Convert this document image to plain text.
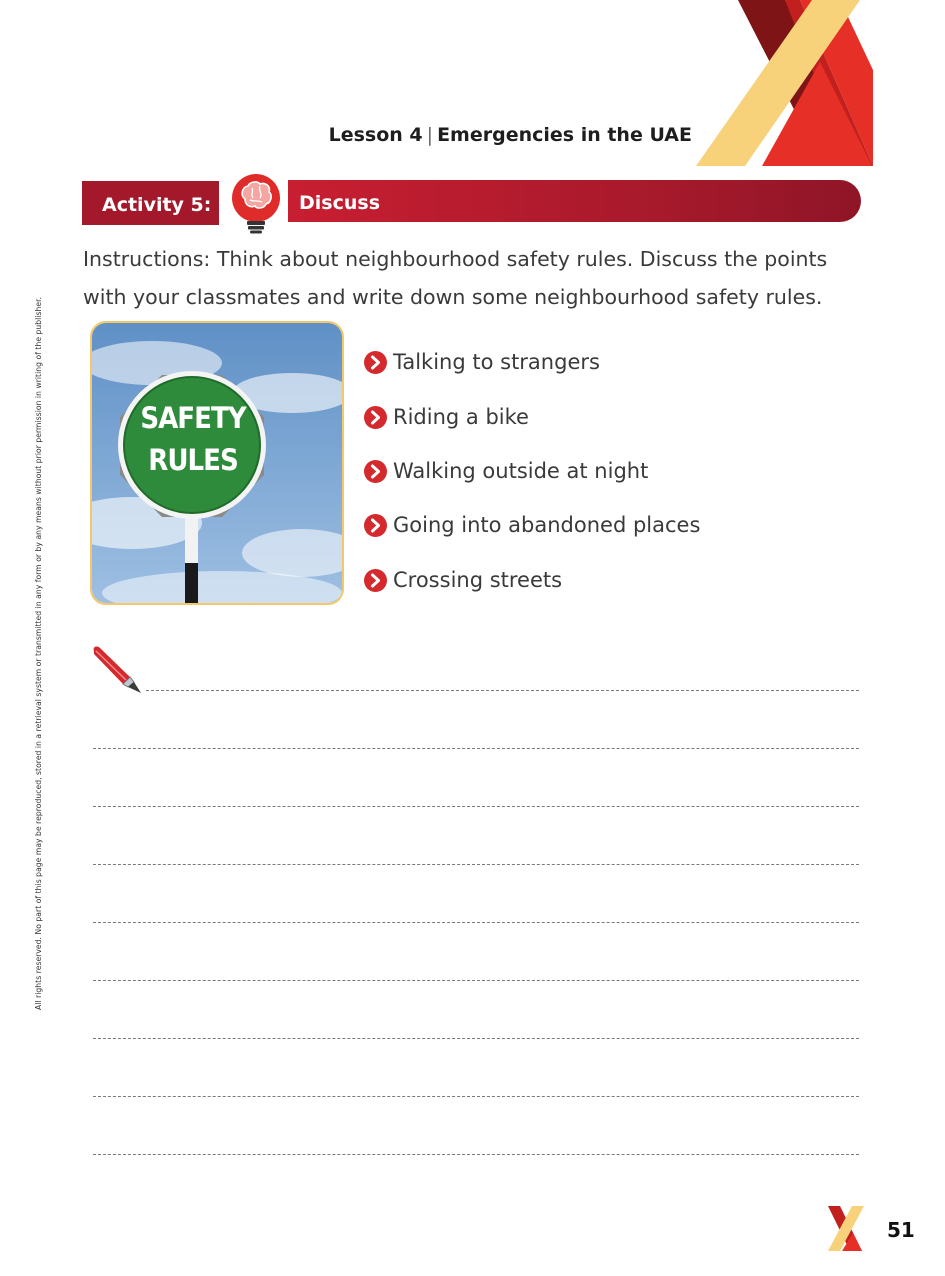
Lesson 4 | Emergencies in the UAE
Activity 5:	Discuss
Instructions: Think about neighbourhood safety rules. Discuss the points with your classmates and write down some neighbourhood safety rules.
All rights reserved. No part of this page may be reproduced, stored in a retrieval system or transmitted in any form or by any means without prior permission in writing of the publisher.	SAFETY
RULES
Talking to strangers
Riding a bike
Walking outside at night
Going into abandoned places
Crossing streets
51
